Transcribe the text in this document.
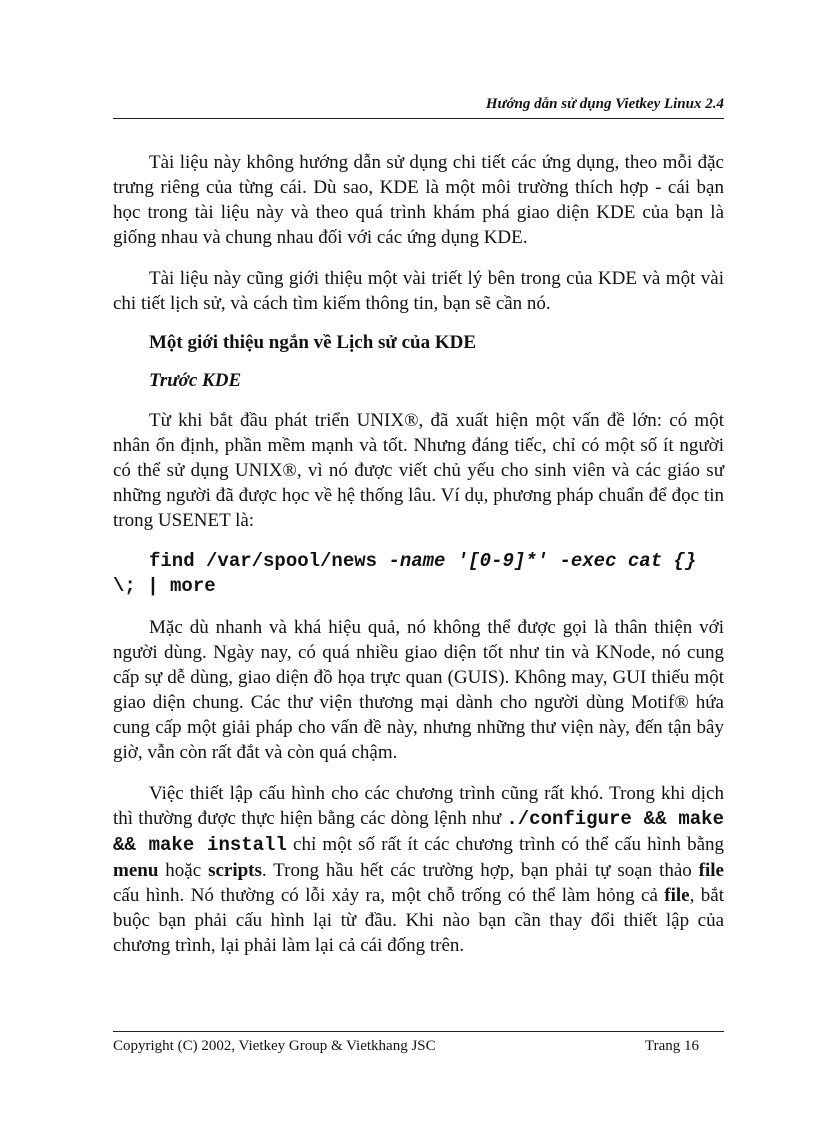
Hướng dẫn sử dụng Vietkey Linux 2.4

Tài liệu này không hướng dẫn sử dụng chi tiết các ứng dụng, theo mỗi đặc trưng riêng của từng cái. Dù sao, KDE là một môi trường thích hợp - cái bạn học trong tài liệu này và theo quá trình khám phá giao diện KDE của bạn là giống nhau và chung nhau đối với các ứng dụng KDE.

Tài liệu này cũng giới thiệu một vài triết lý bên trong của KDE và một vài chi tiết lịch sử, và cách tìm kiếm thông tin, bạn sẽ cần nó.

Một giới thiệu ngắn về Lịch sử của KDE
Trước KDE

Từ khi bắt đầu phát triển UNIX®, đã xuất hiện một vấn đề lớn: có một nhân ổn định, phần mềm mạnh và tốt. Nhưng đáng tiếc, chỉ có một số ít người có thể sử dụng UNIX®, vì nó được viết chủ yếu cho sinh viên và các giáo sư những người đã được học về hệ thống lâu. Ví dụ, phương pháp chuẩn để đọc tin trong USENET là:

find /var/spool/news -name '[0-9]*' -exec cat {}
\; | more

Mặc dù nhanh và khá hiệu quả, nó không thể được gọi là thân thiện với người dùng. Ngày nay, có quá nhiều giao diện tốt như tin và KNode, nó cung cấp sự dễ dùng, giao diện đồ họa trực quan (GUIS). Không may, GUI thiếu một giao diện chung. Các thư viện thương mại dành cho người dùng Motif® hứa cung cấp một giải pháp cho vấn đề này, nhưng những thư viện này, đến tận bây giờ, vẫn còn rất đắt và còn quá chậm.

Việc thiết lập cấu hình cho các chương trình cũng rất khó. Trong khi dịch thì thường được thực hiện bằng các dòng lệnh như ./configure && make && make install chỉ một số rất ít các chương trình có thể cấu hình bằng menu hoặc scripts. Trong hầu hết các trường hợp, bạn phải tự soạn thảo file cấu hình. Nó thường có lỗi xảy ra, một chỗ trống có thể làm hỏng cả file, bắt buộc bạn phải cấu hình lại từ đầu. Khi nào bạn cần thay đổi thiết lập của chương trình, lại phải làm lại cả cái đống trên.

Copyright (C) 2002, Vietkey Group & Vietkhang JSC	Trang 16
